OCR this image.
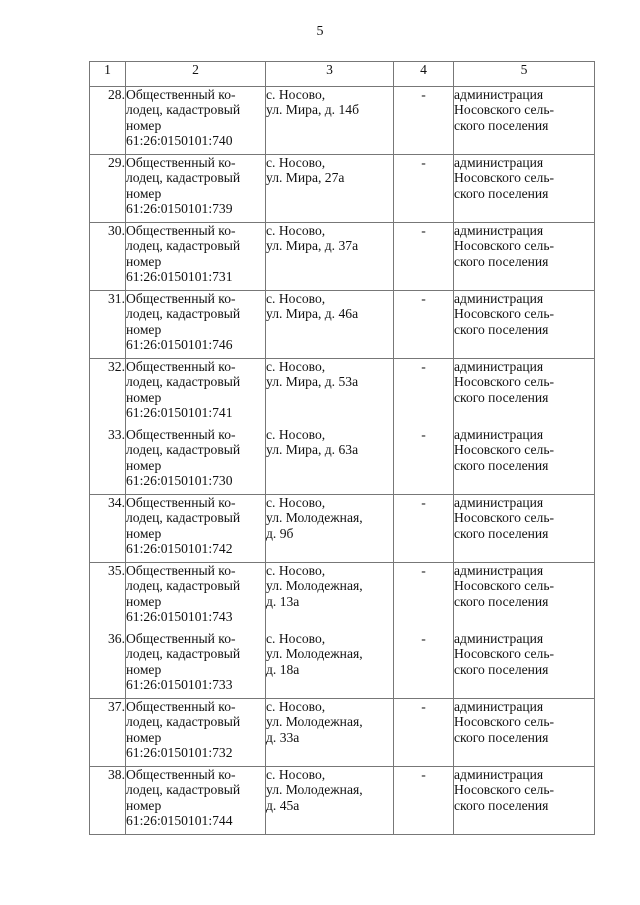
5
1	2	3	4	5
28.	Общественный ко-
лодец, кадастровый
номер
61:26:0150101:740	с. Носово,
ул. Мира, д. 14б	-	администрация
Носовского сель-
ского поселения

29.	Общественный ко-
лодец, кадастровый
номер
61:26:0150101:739	с. Носово,
ул. Мира, 27а	-	администрация
Носовского сель-
ского поселения

30.	Общественный ко-
лодец, кадастровый
номер
61:26:0150101:731	с. Носово,
ул. Мира, д. 37а	-	администрация
Носовского сель-
ского поселения

31.	Общественный ко-
лодец, кадастровый
номер
61:26:0150101:746	с. Носово,
ул. Мира, д. 46а	-	администрация
Носовского сель-
ского поселения

32.	Общественный ко-
лодец, кадастровый
номер
61:26:0150101:741	с. Носово,
ул. Мира, д. 53а	-	администрация
Носовского сель-
ского поселения

33.	Общественный ко-
лодец, кадастровый
номер
61:26:0150101:730	с. Носово,
ул. Мира, д. 63а	-	администрация
Носовского сель-
ского поселения

34.	Общественный ко-
лодец, кадастровый
номер
61:26:0150101:742	с. Носово,
ул. Молодежная,
д. 9б	-	администрация
Носовского сель-
ского поселения

35.	Общественный ко-
лодец, кадастровый
номер
61:26:0150101:743	с. Носово,
ул. Молодежная,
д. 13а	-	администрация
Носовского сель-
ского поселения

36.	Общественный ко-
лодец, кадастровый
номер
61:26:0150101:733	с. Носово,
ул. Молодежная,
д. 18а	-	администрация
Носовского сель-
ского поселения

37.	Общественный ко-
лодец, кадастровый
номер
61:26:0150101:732	с. Носово,
ул. Молодежная,
д. 33а	-	администрация
Носовского сель-
ского поселения

38.	Общественный ко-
лодец, кадастровый
номер
61:26:0150101:744	с. Носово,
ул. Молодежная,
д. 45а	-	администрация
Носовского сель-
ского поселения
